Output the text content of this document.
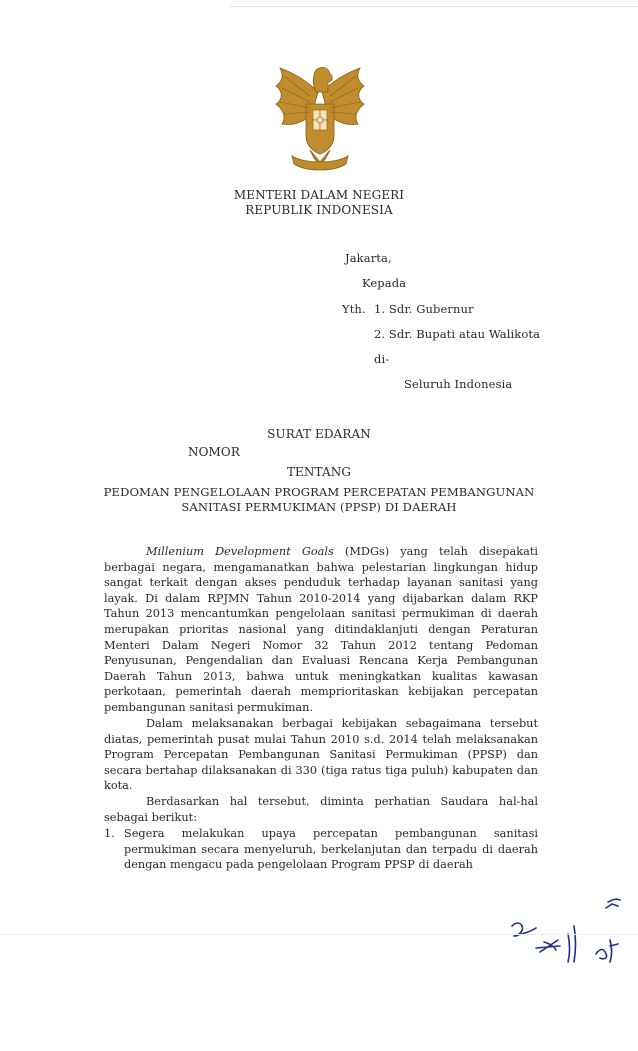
MENTERI DALAM NEGERI
REPUBLIK INDONESIA
Jakarta,
Kepada
Yth. 1. Sdr. Gubernur
2. Sdr. Bupati atau Walikota
di-
Seluruh Indonesia
SURAT EDARAN
NOMOR
TENTANG
PEDOMAN PENGELOLAAN PROGRAM PERCEPATAN PEMBANGUNAN
SANITASI PERMUKIMAN (PPSP) DI DAERAH

Millenium Development Goals (MDGs) yang telah disepakati berbagai negara, mengamanatkan bahwa pelestarian lingkungan hidup sangat terkait dengan akses penduduk terhadap layanan sanitasi yang layak. Di dalam RPJMN Tahun 2010-2014 yang dijabarkan dalam RKP Tahun 2013 mencantumkan pengelolaan sanitasi permukiman di daerah merupakan prioritas nasional yang ditindaklanjuti dengan Peraturan Menteri Dalam Negeri Nomor 32 Tahun 2012 tentang Pedoman Penyusunan, Pengendalian dan Evaluasi Rencana Kerja Pembangunan Daerah Tahun 2013, bahwa untuk meningkatkan kualitas kawasan perkotaan, pemerintah daerah memprioritaskan kebijakan percepatan pembangunan sanitasi permukiman.

Dalam melaksanakan berbagai kebijakan sebagaimana tersebut diatas, pemerintah pusat mulai Tahun 2010 s.d. 2014 telah melaksanakan Program Percepatan Pembangunan Sanitasi Permukiman (PPSP) dan secara bertahap dilaksanakan di 330 (tiga ratus tiga puluh) kabupaten dan kota.

Berdasarkan hal tersebut, diminta perhatian Saudara hal-hal sebagai berikut:

1. Segera melakukan upaya percepatan pembangunan sanitasi permukiman secara menyeluruh, berkelanjutan dan terpadu di daerah dengan mengacu pada pengelolaan Program PPSP di daerah
